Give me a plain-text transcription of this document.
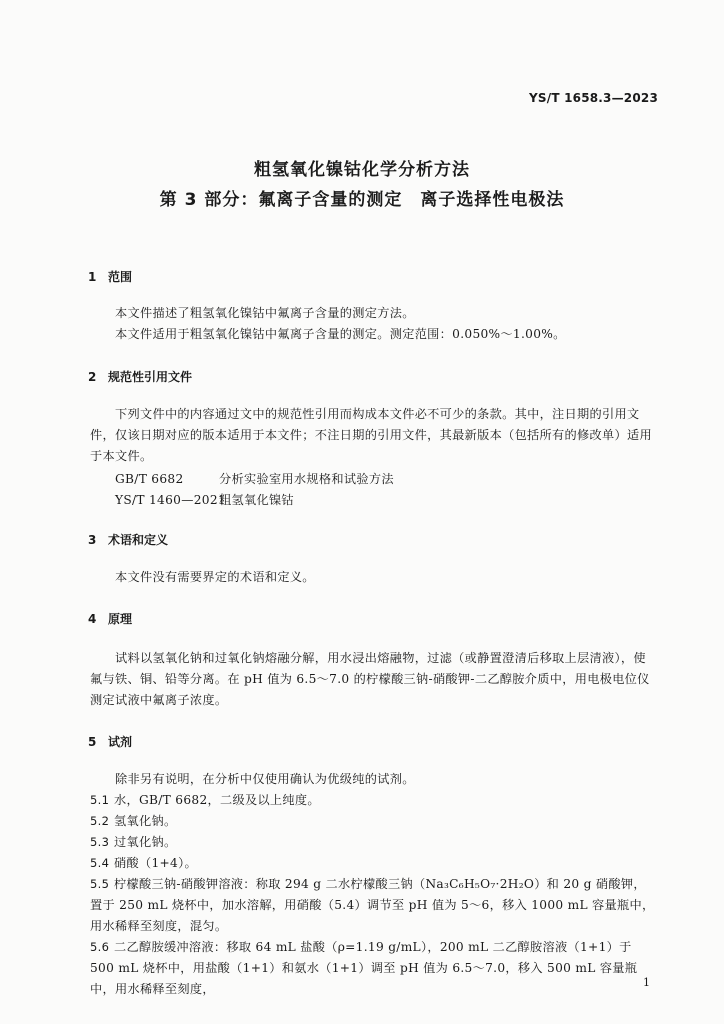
YS/T 1658.3—2023
粗氢氧化镍钴化学分析方法
第 3 部分：氟离子含量的测定　离子选择性电极法
1 范围
本文件描述了粗氢氧化镍钴中氟离子含量的测定方法。
本文件适用于粗氢氧化镍钴中氟离子含量的测定。测定范围：0.050%～1.00%。
2 规范性引用文件
下列文件中的内容通过文中的规范性引用而构成本文件必不可少的条款。其中，注日期的引用文件，仅该日期对应的版本适用于本文件；不注日期的引用文件，其最新版本（包括所有的修改单）适用于本文件。
GB/T 6682	分析实验室用水规格和试验方法
YS/T 1460—2021粗氢氧化镍钴
3 术语和定义
本文件没有需要界定的术语和定义。
4 原理
试料以氢氧化钠和过氧化钠熔融分解，用水浸出熔融物，过滤（或静置澄清后移取上层清液），使氟与铁、铜、铅等分离。在 pH 值为 6.5～7.0 的柠檬酸三钠-硝酸钾-二乙醇胺介质中，用电极电位仪测定试液中氟离子浓度。
5 试剂
除非另有说明，在分析中仅使用确认为优级纯的试剂。
5.1 水，GB/T 6682，二级及以上纯度。
5.2 氢氧化钠。
5.3 过氧化钠。
5.4 硝酸（1+4）。
5.5 柠檬酸三钠-硝酸钾溶液：称取 294 g 二水柠檬酸三钠（Na₃C₆H₅O₇·2H₂O）和 20 g 硝酸钾，置于 250 mL 烧杯中，加水溶解，用硝酸（5.4）调节至 pH 值为 5～6，移入 1000 mL 容量瓶中，用水稀释至刻度，混匀。
5.6 二乙醇胺缓冲溶液：移取 64 mL 盐酸（ρ=1.19 g/mL），200 mL 二乙醇胺溶液（1+1）于 500 mL 烧杯中，用盐酸（1+1）和氨水（1+1）调至 pH 值为 6.5～7.0，移入 500 mL 容量瓶中，用水稀释至刻度，	1
